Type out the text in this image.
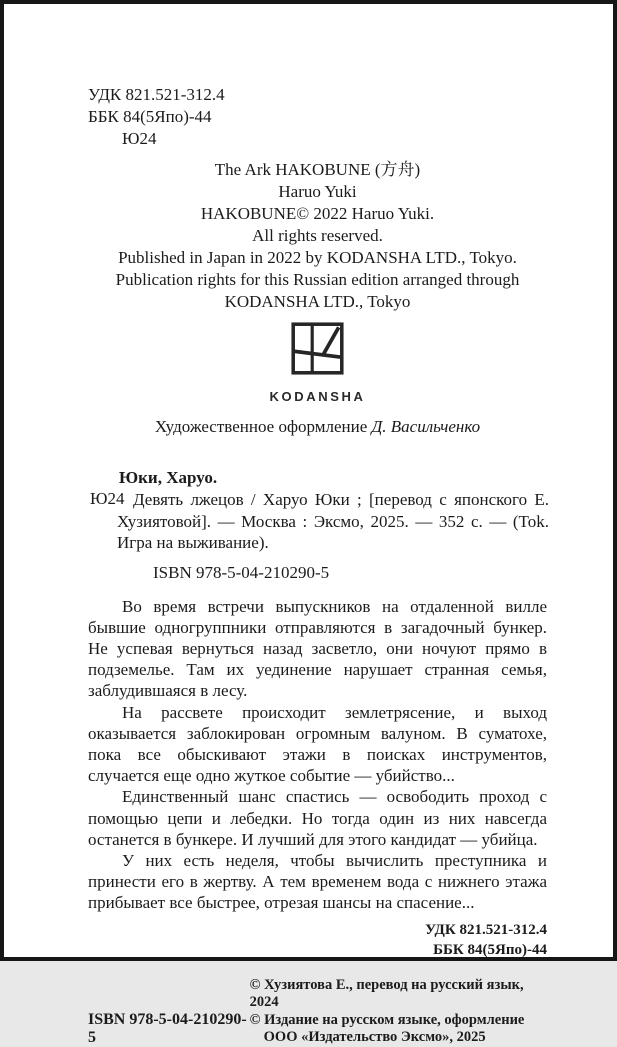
УДК 821.521-312.4
ББК 84(5Япо)-44
Ю24
The Ark HAKOBUNE (方舟)
Haruo Yuki
HAKOBUNE© 2022 Haruo Yuki.
All rights reserved.
Published in Japan in 2022 by KODANSHA LTD., Tokyo.
Publication rights for this Russian edition arranged through
KODANSHA LTD., Tokyo
KODANSHA
Художественное оформление Д. Васильченко
Юки, Харуо.
Ю24 Девять лжецов / Харуо Юки ; [перевод с японского Е. Хузиятовой]. — Москва : Эксмо, 2025. — 352 с. — (Tok. Игра на выживание).
ISBN 978-5-04-210290-5

Во время встречи выпускников на отдаленной вилле бывшие одногруппники отправляются в загадочный бункер. Не успевая вернуться назад засветло, они ночуют прямо в подземелье. Там их уединение нарушает странная семья, заблудившаяся в лесу.

На рассвете происходит землетрясение, и выход оказывается заблокирован огромным валуном. В суматохе, пока все обыскивают этажи в поисках инструментов, случается еще одно жуткое событие — убийство...

Единственный шанс спастись — освободить проход с помощью цепи и лебедки. Но тогда один из них навсегда останется в бункере. И лучший для этого кандидат — убийца.

У них есть неделя, чтобы вычислить преступника и принести его в жертву. А тем временем вода с нижнего этажа прибывает все быстрее, отрезая шансы на спасение...

УДК 821.521-312.4
ББК 84(5Япо)-44
ISBN 978-5-04-210290-5
© Хузиятова Е., перевод на русский язык, 2024
© Издание на русском языке, оформление
ООО «Издательство Эксмо», 2025
